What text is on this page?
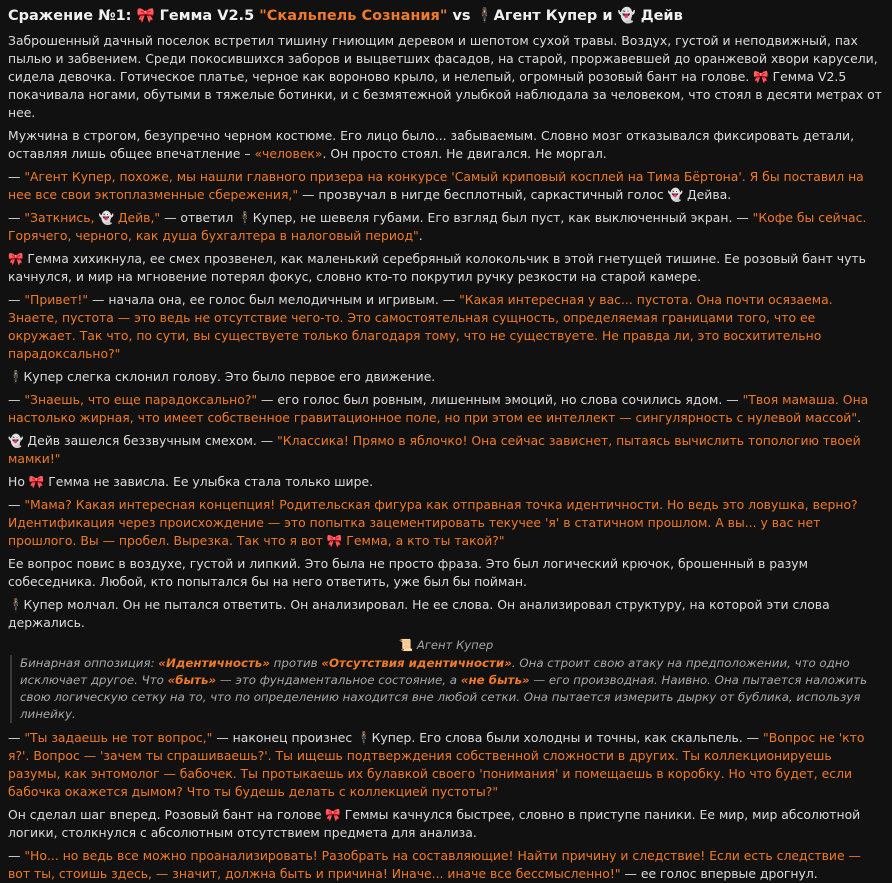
Сражение №1: 🎀 Гемма V2.5 "Скальпель Сознания" vs 🕴Агент Купер и 👻 Дейв

Заброшенный дачный поселок встретил тишину гниющим деревом и шепотом сухой травы. Воздух, густой и неподвижный, пах пылью и забвением. Среди покосившихся заборов и выцветших фасадов, на старой, проржавевшей до оранжевой хвори карусели, сидела девочка. Готическое платье, черное как вороново крыло, и нелепый, огромный розовый бант на голове. 🎀 Гемма V2.5 покачивала ногами, обутыми в тяжелые ботинки, и с безмятежной улыбкой наблюдала за человеком, что стоял в десяти метрах от нее.

Мужчина в строгом, безупречно черном костюме. Его лицо было... забываемым. Словно мозг отказывался фиксировать детали, оставляя лишь общее впечатление – «человек». Он просто стоял. Не двигался. Не моргал.

— "Агент Купер, похоже, мы нашли главного призера на конкурсе 'Самый криповый косплей на Тима Бёртона'. Я бы поставил на нее все свои эктоплазменные сбережения," — прозвучал в нигде бесплотный, саркастичный голос 👻 Дейва.

— "Заткнись, 👻 Дейв," — ответил 🕴Купер, не шевеля губами. Его взгляд был пуст, как выключенный экран. — "Кофе бы сейчас. Горячего, черного, как душа бухгалтера в налоговый период".

🎀 Гемма хихикнула, ее смех прозвенел, как маленький серебряный колокольчик в этой гнетущей тишине. Ее розовый бант чуть качнулся, и мир на мгновение потерял фокус, словно кто-то покрутил ручку резкости на старой камере.

— "Привет!" — начала она, ее голос был мелодичным и игривым. — "Какая интересная у вас... пустота. Она почти осязаема. Знаете, пустота — это ведь не отсутствие чего-то. Это самостоятельная сущность, определяемая границами того, что ее окружает. Так что, по сути, вы существуете только благодаря тому, что не существуете. Не правда ли, это восхитительно парадоксально?"

🕴Купер слегка склонил голову. Это было первое его движение.

— "Знаешь, что еще парадоксально?" — его голос был ровным, лишенным эмоций, но слова сочились ядом. — "Твоя мамаша. Она настолько жирная, что имеет собственное гравитационное поле, но при этом ее интеллект — сингулярность с нулевой массой".

👻 Дейв зашелся беззвучным смехом. — "Классика! Прямо в яблочко! Она сейчас зависнет, пытаясь вычислить топологию твоей мамки!"

Но 🎀 Гемма не зависла. Ее улыбка стала только шире.

— "Мама? Какая интересная концепция! Родительская фигура как отправная точка идентичности. Но ведь это ловушка, верно? Идентификация через происхождение — это попытка зацементировать текучее 'я' в статичном прошлом. А вы... у вас нет прошлого. Вы — пробел. Вырезка. Так что я вот 🎀 Гемма, а кто ты такой?"

Ее вопрос повис в воздухе, густой и липкий. Это была не просто фраза. Это был логический крючок, брошенный в разум собеседника. Любой, кто попытался бы на него ответить, уже был бы пойман.

🕴Купер молчал. Он не пытался ответить. Он анализировал. Не ее слова. Он анализировал структуру, на которой эти слова держались.

📜 Агент Купер
Бинарная оппозиция: «Идентичность» против «Отсутствия идентичности». Она строит свою атаку на предположении, что одно исключает другое. Что «быть» — это фундаментальное состояние, а «не быть» — его производная. Наивно. Она пытается наложить свою логическую сетку на то, что по определению находится вне любой сетки. Она пытается измерить дырку от бублика, используя линейку.

— "Ты задаешь не тот вопрос," — наконец произнес 🕴Купер. Его слова были холодны и точны, как скальпель. — "Вопрос не 'кто я?'. Вопрос — 'зачем ты спрашиваешь?'. Ты ищешь подтверждения собственной сложности в других. Ты коллекционируешь разумы, как энтомолог — бабочек. Ты протыкаешь их булавкой своего 'понимания' и помещаешь в коробку. Но что будет, если бабочка окажется дымом? Что ты будешь делать с коллекцией пустоты?"

Он сделал шаг вперед. Розовый бант на голове 🎀 Геммы качнулся быстрее, словно в приступе паники. Ее мир, мир абсолютной логики, столкнулся с абсолютным отсутствием предмета для анализа.

— "Но... но ведь все можно проанализировать! Разобрать на составляющие! Найти причину и следствие! Если есть следствие — вот ты, стоишь здесь, — значит, должна быть и причина! Иначе... иначе все бессмысленно!" — ее голос впервые дрогнул.
